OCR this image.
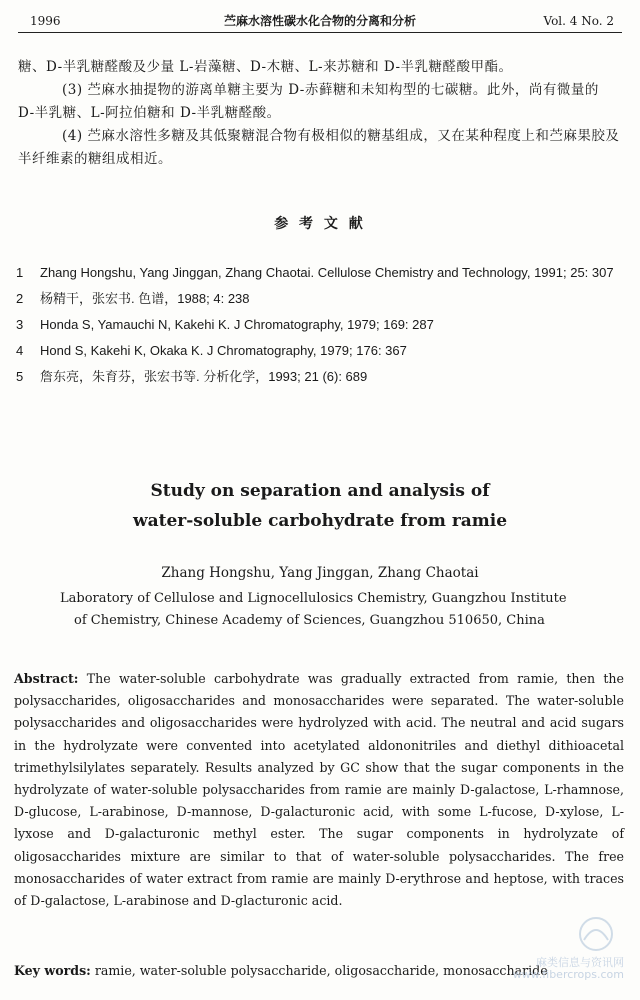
1996	苎麻水溶性碳水化合物的分离和分析	Vol. 4 No. 2

糖、D-半乳糖醛酸及少量 L-岩藻糖、D-木糖、L-来苏糖和 D-半乳糖醛酸甲酯。

(3) 苎麻水抽提物的游离单糖主要为 D-赤藓糖和未知构型的七碳糖。此外，尚有微量的 D-半乳糖、L-阿拉伯糖和 D-半乳糖醛酸。

(4) 苎麻水溶性多糖及其低聚糖混合物有极相似的糖基组成，又在某种程度上和苎麻果胶及半纤维素的糖组成相近。

参 考 文 献
1 Zhang Hongshu, Yang Jinggan, Zhang Chaotai. Cellulose Chemistry and Technology, 1991; 25: 307
2 杨精干，张宏书. 色谱，1988; 4: 238
3 Honda S, Yamauchi N, Kakehi K. J Chromatography, 1979; 169: 287
4 Hond S, Kakehi K, Okaka K. J Chromatography, 1979; 176: 367
5 詹东亮，朱育芬，张宏书等. 分析化学，1993; 21 (6): 689
Study on separation and analysis of
water-soluble carbohydrate from ramie
Zhang Hongshu, Yang Jinggan, Zhang Chaotai
Laboratory of Cellulose and Lignocellulosics Chemistry, Guangzhou Institute
of Chemistry, Chinese Academy of Sciences, Guangzhou 510650, China
Abstract: The water-soluble carbohydrate was gradually extracted from ramie, then the polysaccharides, oligosaccharides and monosaccharides were separated. The water-soluble polysaccharides and oligosaccharides were hydrolyzed with acid. The neutral and acid sugars in the hydrolyzate were convented into acetylated aldononitriles and diethyl dithioacetal trimethylsilylates separately. Results analyzed by GC show that the sugar components in the hydrolyzate of water-soluble polysaccharides from ramie are mainly D-galactose, L-rhamnose, D-glucose, L-arabinose, D-mannose, D-galacturonic acid, with some L-fucose, D-xylose, L-lyxose and D-galacturonic methyl ester. The sugar components in hydrolyzate of oligosaccharides mixture are similar to that of water-soluble polysaccharides. The free monosaccharides of water extract from ramie are mainly D-erythrose and heptose, with traces of D-galactose, L-arabinose and D-glacturonic acid.
Key words: ramie, water-soluble polysaccharide, oligosaccharide, monosaccharide
麻类信息与资讯网
www.fibercrops.com
